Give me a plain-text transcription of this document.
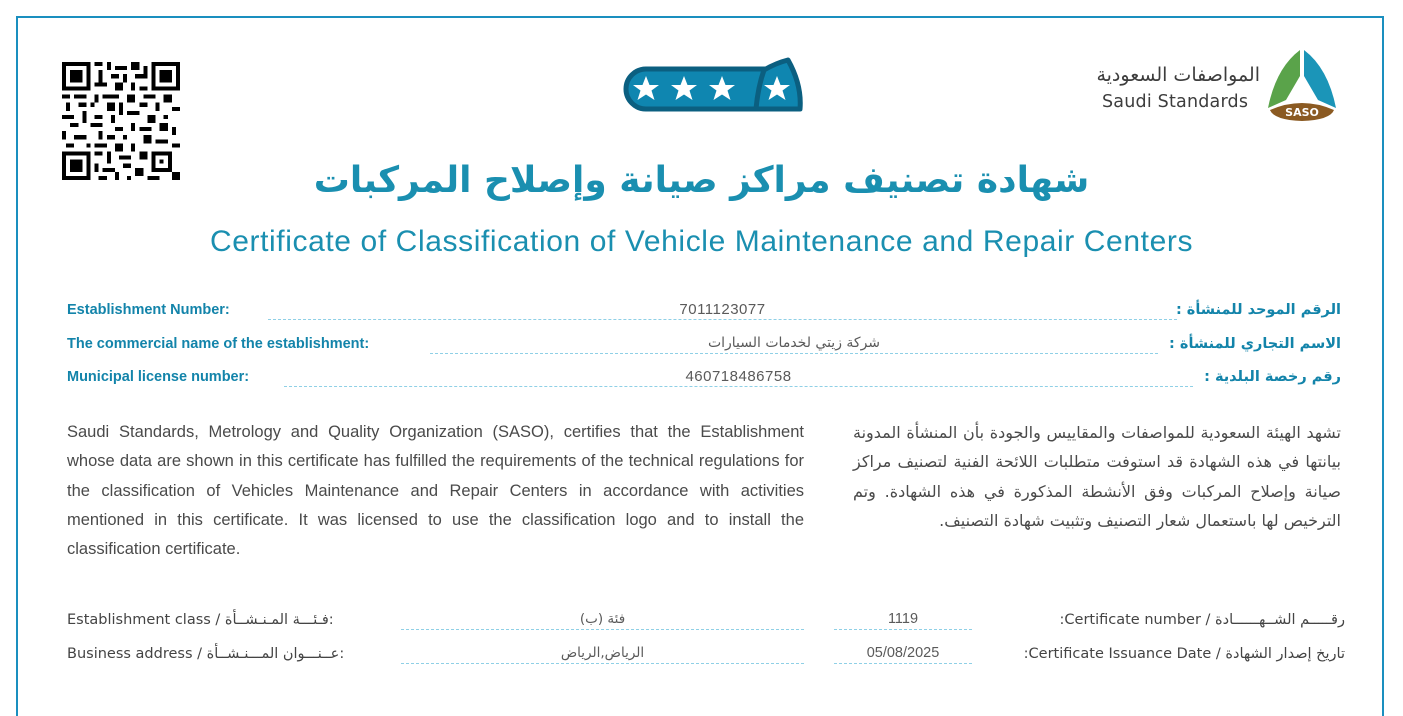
المواصفات السعودية
Saudi Standards
SASO
شهادة تصنيف مراكز صيانة وإصلاح المركبات
Certificate of Classification of Vehicle Maintenance and Repair Centers
Establishment Number:	7011123077	الرقم الموحد للمنشأة :
The commercial name of the establishment:	شركة زيتي لخدمات السيارات	الاسم التجاري للمنشأة :
Municipal license number:	460718486758	رقم رخصة البلدية :
Saudi Standards, Metrology and Quality Organization (SASO), certifies that the Establishment whose data are shown in this certificate has fulfilled the requirements of the technical regulations for the classification of Vehicles Maintenance and Repair Centers in accordance with activities mentioned in this certificate. It was licensed to use the classification logo and to install the classification certificate.
تشهد الهيئة السعودية للمواصفات والمقاييس والجودة بأن المنشأة المدونة بيانتها في هذه الشهادة قد استوفت متطلبات اللائحة الفنية لتصنيف مراكز صيانة وإصلاح المركبات وفق الأنشطة المذكورة في هذه الشهادة. وتم الترخيص لها باستعمال شعار التصنيف وتثبيت شهادة التصنيف.
Establishment class / فـئـــة المـنـشــأة:	فئة (ب)	1119	رقـــــم الشــهــــــادة / Certificate number:
Business address / عــنـــوان المـــنـشــأة:	الرياض,الرياض	05/08/2025	تاريخ إصدار الشهادة / Certificate Issuance Date:
